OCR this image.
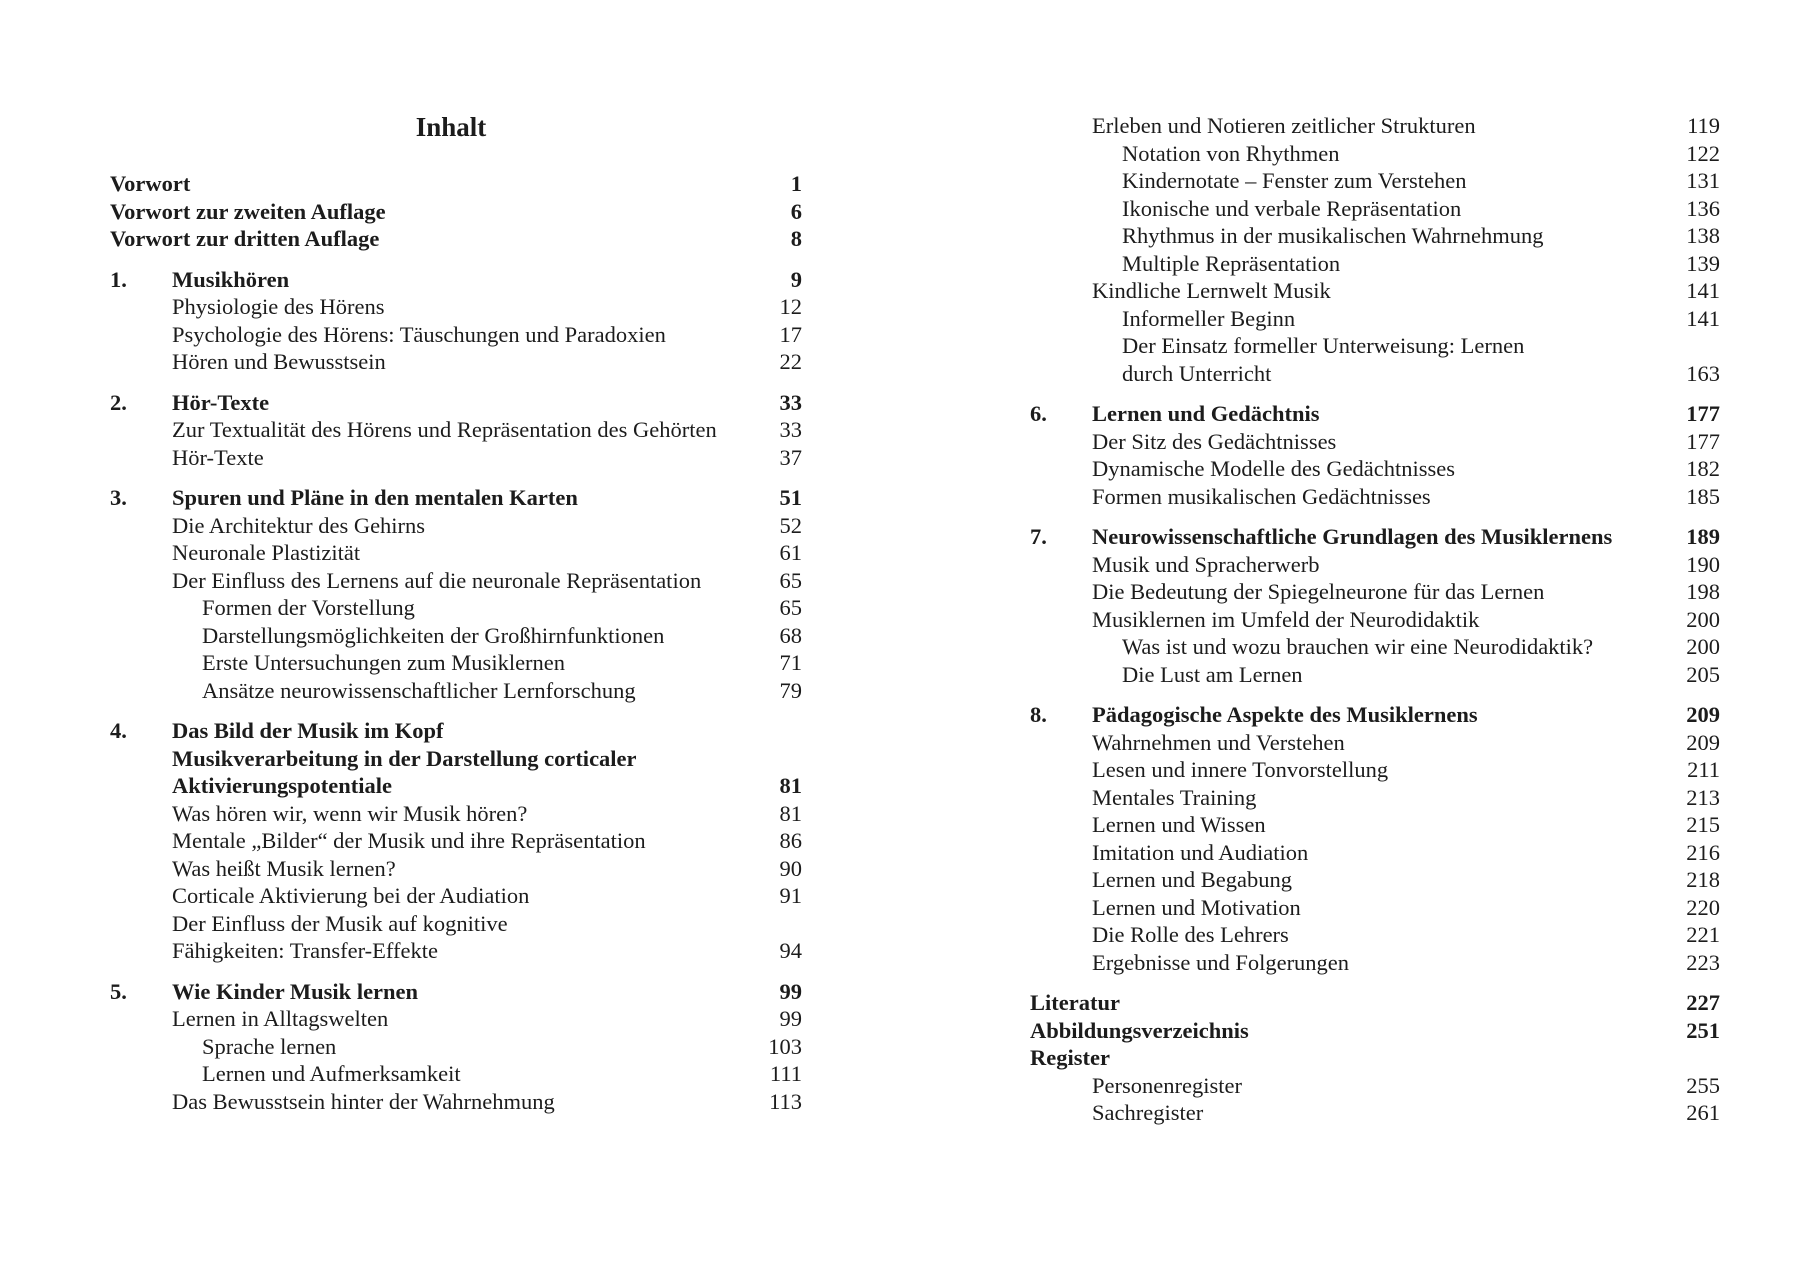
Inhalt
Vorwort	1
Vorwort zur zweiten Auflage	6
Vorwort zur dritten Auflage	8
1.	Musikhören	9
Physiologie des Hörens	12
Psychologie des Hörens: Täuschungen und Paradoxien	17
Hören und Bewusstsein	22
2.	Hör-Texte	33
Zur Textualität des Hörens und Repräsentation des Gehörten	33
Hör-Texte	37
3.	Spuren und Pläne in den mentalen Karten	51
Die Architektur des Gehirns	52
Neuronale Plastizität	61
Der Einfluss des Lernens auf die neuronale Repräsentation	65
Formen der Vorstellung	65
Darstellungsmöglichkeiten der Großhirnfunktionen	68
Erste Untersuchungen zum Musiklernen	71
Ansätze neurowissenschaftlicher Lernforschung	79
4.	Das Bild der Musik im Kopf
Musikverarbeitung in der Darstellung corticaler
Aktivierungspotentiale	81
Was hören wir, wenn wir Musik hören?	81
Mentale „Bilder“ der Musik und ihre Repräsentation	86
Was heißt Musik lernen?	90
Corticale Aktivierung bei der Audiation	91
Der Einfluss der Musik auf kognitive
Fähigkeiten: Transfer-Effekte	94
5.	Wie Kinder Musik lernen	99
Lernen in Alltagswelten	99
Sprache lernen	103
Lernen und Aufmerksamkeit	111
Das Bewusstsein hinter der Wahrnehmung	113
Erleben und Notieren zeitlicher Strukturen	119
Notation von Rhythmen	122
Kindernotate – Fenster zum Verstehen	131
Ikonische und verbale Repräsentation	136
Rhythmus in der musikalischen Wahrnehmung	138
Multiple Repräsentation	139
Kindliche Lernwelt Musik	141
Informeller Beginn	141
Der Einsatz formeller Unterweisung: Lernen
durch Unterricht	163
6.	Lernen und Gedächtnis	177
Der Sitz des Gedächtnisses	177
Dynamische Modelle des Gedächtnisses	182
Formen musikalischen Gedächtnisses	185
7.	Neurowissenschaftliche Grundlagen des Musiklernens	189
Musik und Spracherwerb	190
Die Bedeutung der Spiegelneurone für das Lernen	198
Musiklernen im Umfeld der Neurodidaktik	200
Was ist und wozu brauchen wir eine Neurodidaktik?	200
Die Lust am Lernen	205
8.	Pädagogische Aspekte des Musiklernens	209
Wahrnehmen und Verstehen	209
Lesen und innere Tonvorstellung	211
Mentales Training	213
Lernen und Wissen	215
Imitation und Audiation	216
Lernen und Begabung	218
Lernen und Motivation	220
Die Rolle des Lehrers	221
Ergebnisse und Folgerungen	223
Literatur	227
Abbildungsverzeichnis	251
Register
Personenregister	255
Sachregister	261
